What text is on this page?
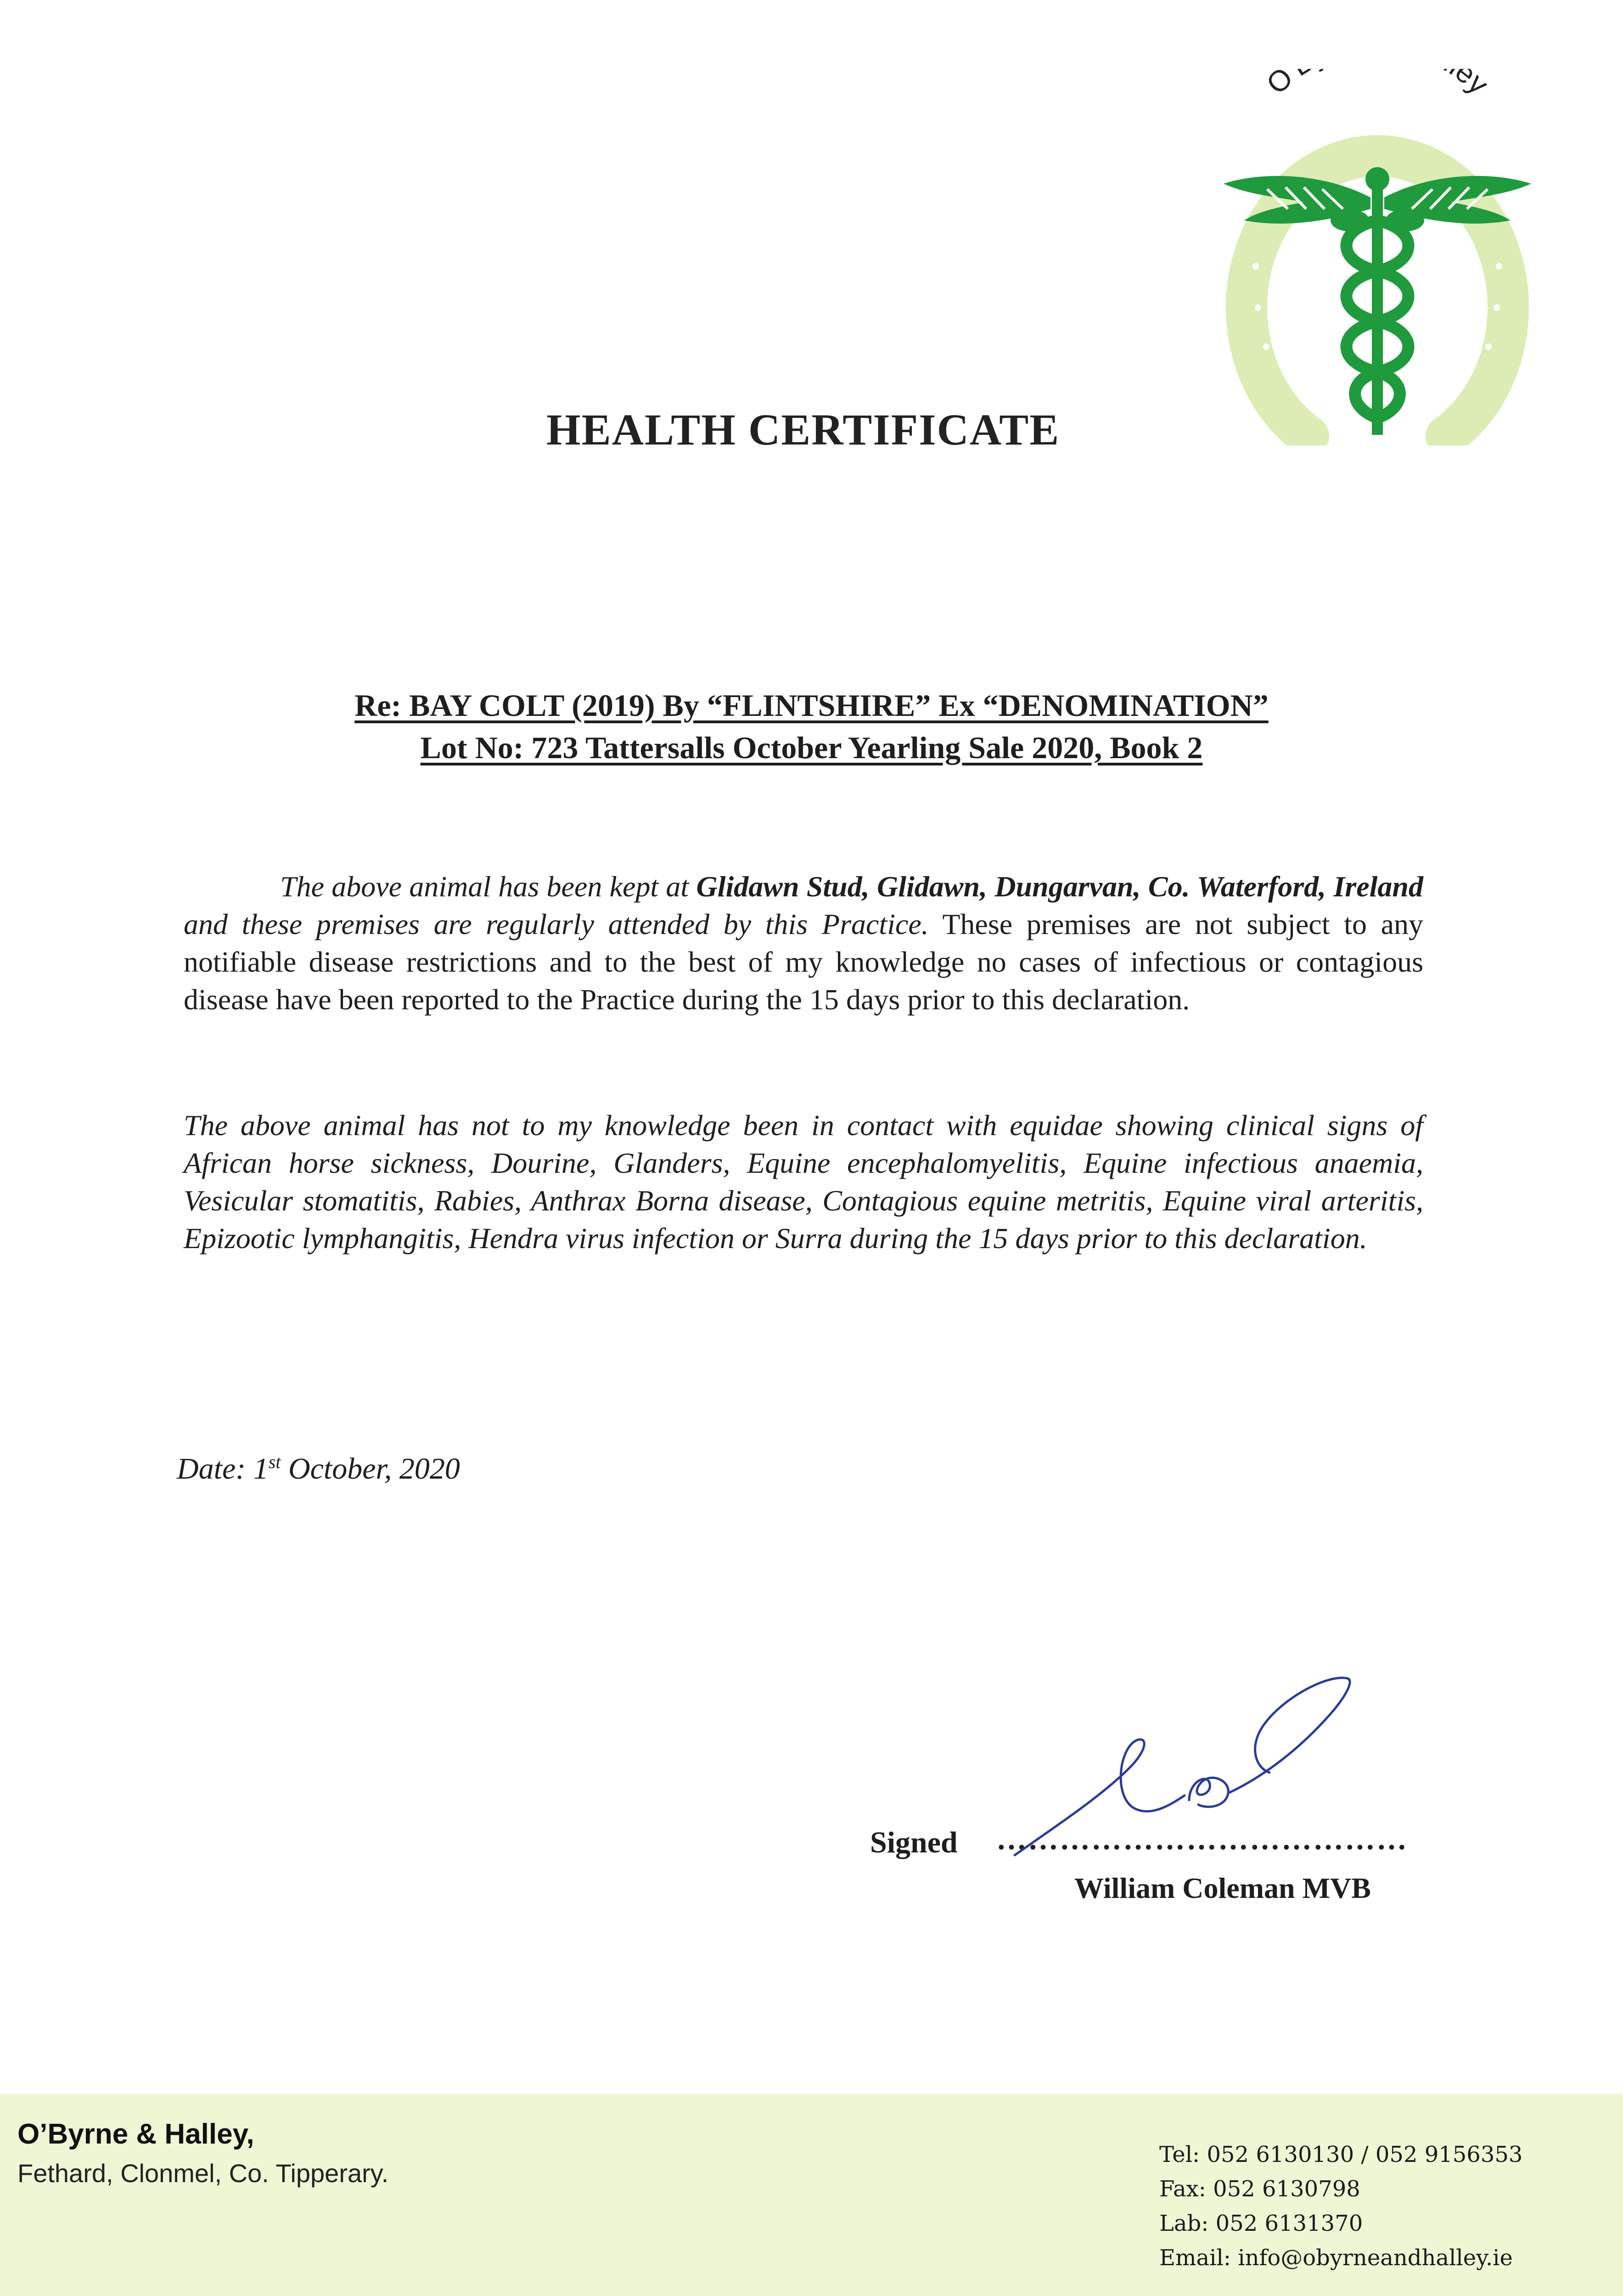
O' ey
HEALTH CERTIFICATE
Re: BAY COLT (2019) By “FLINTSHIRE” Ex “DENOMINATION”
Lot No: 723 Tattersalls October Yearling Sale 2020, Book 2

The above animal has been kept at Glidawn Stud, Glidawn, Dungarvan, Co. Waterford, Ireland and these premises are regularly attended by this Practice. These premises are not subject to any notifiable disease restrictions and to the best of my knowledge no cases of infectious or contagious disease have been reported to the Practice during the 15 days prior to this declaration.

The above animal has not to my knowledge been in contact with equidae showing clinical signs of African horse sickness, Dourine, Glanders, Equine encephalomyelitis, Equine infectious anaemia, Vesicular stomatitis, Rabies, Anthrax Borna disease, Contagious equine metritis, Equine viral arteritis, Epizootic lymphangitis, Hendra virus infection or Surra during the 15 days prior to this declaration.

Date: 1st October, 2020
Signed …………………………………
William Coleman MVB
O’Byrne & Halley,
Fethard, Clonmel, Co. Tipperary.
Tel: 052 6130130 / 052 9156353
Fax: 052 6130798
Lab: 052 6131370
Email: info@obyrneandhalley.ie
